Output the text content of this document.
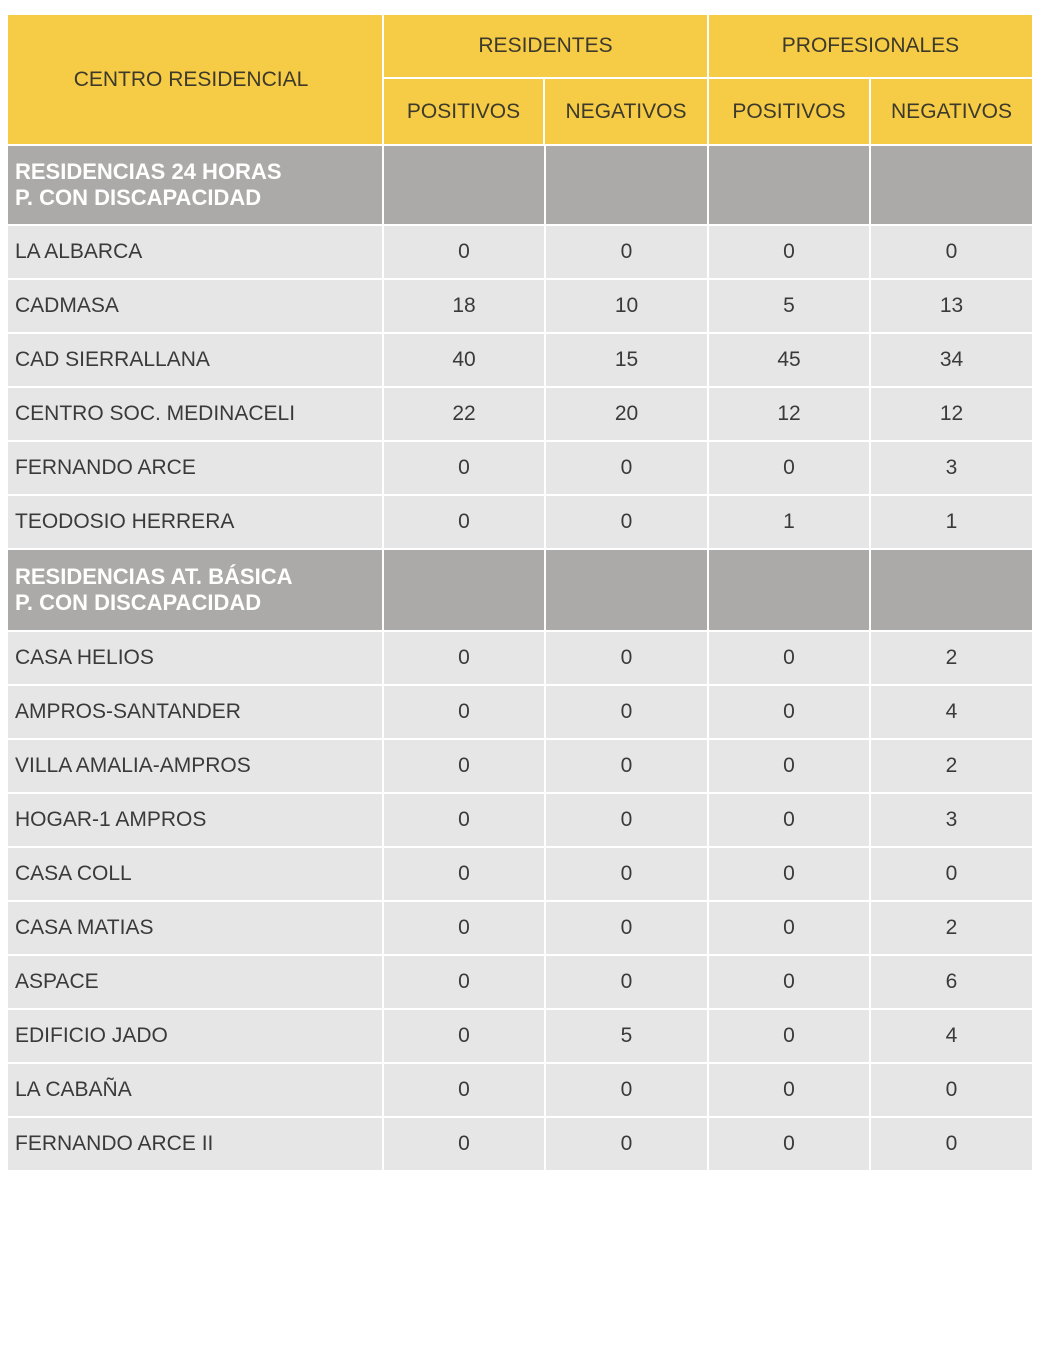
CENTRO RESIDENCIAL
RESIDENTES
POSITIVOS	NEGATIVOS
PROFESIONALES
POSITIVOS	NEGATIVOS
RESIDENCIAS 24 HORAS
P. CON DISCAPACIDAD
LA ALBARCA	0	0	0	0
CADMASA	18	10	5	13
CAD SIERRALLANA	40	15	45	34
CENTRO SOC. MEDINACELI	22	20	12	12
FERNANDO ARCE	0	0	0	3
TEODOSIO HERRERA	0	0	1	1
RESIDENCIAS AT. BÁSICA
P. CON DISCAPACIDAD
CASA HELIOS	0	0	0	2
AMPROS-SANTANDER	0	0	0	4
VILLA AMALIA-AMPROS	0	0	0	2
HOGAR-1 AMPROS	0	0	0	3
CASA COLL	0	0	0	0
CASA MATIAS	0	0	0	2
ASPACE	0	0	0	6
EDIFICIO JADO	0	5	0	4
LA CABAÑA	0	0	0	0
FERNANDO ARCE II	0	0	0	0
